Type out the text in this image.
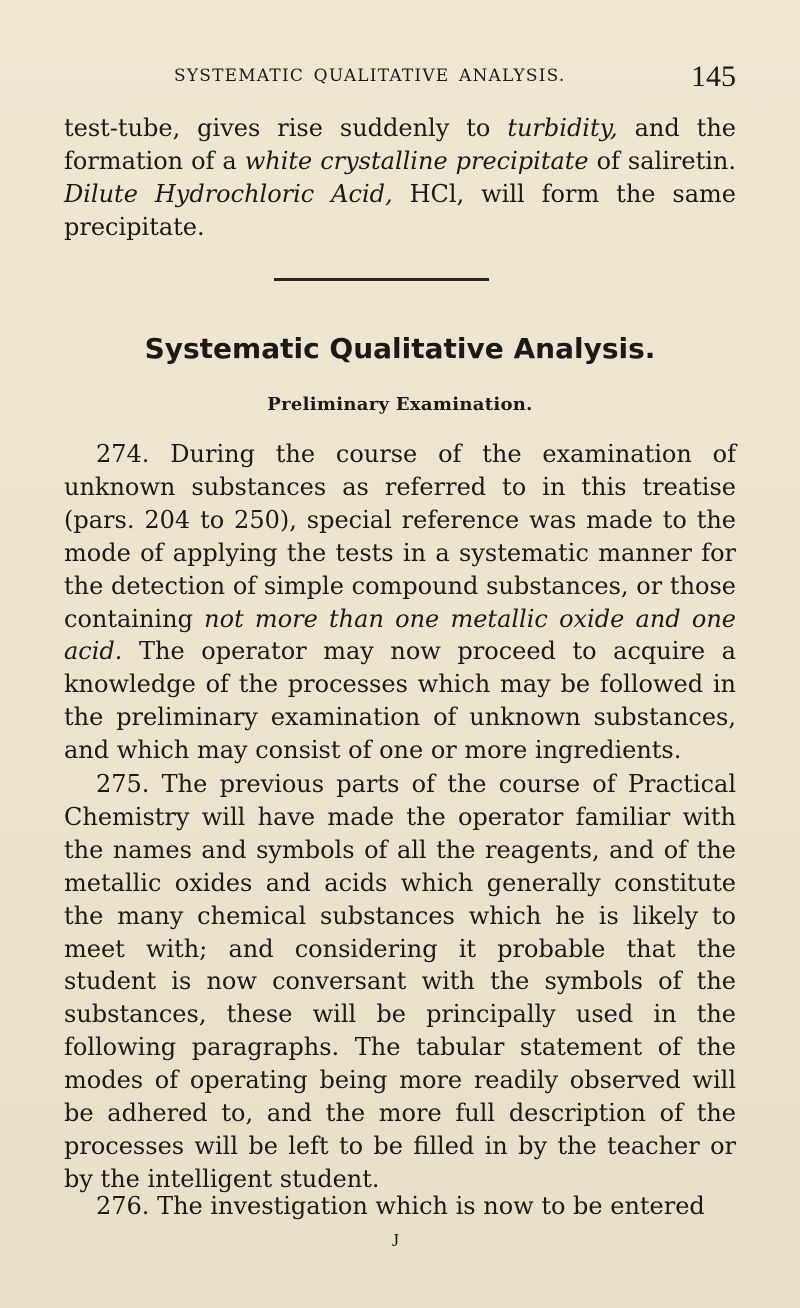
SYSTEMATIC QUALITATIVE ANALYSIS.	145

test-tube, gives rise suddenly to turbidity, and the formation of a white crystalline precipitate of saliretin. Dilute Hydrochloric Acid, HCl, will form the same precipitate.

Systematic Qualitative Analysis.
Preliminary Examination.

274. During the course of the examination of unknown substances as referred to in this treatise (pars. 204 to 250), special reference was made to the mode of applying the tests in a systematic manner for the detection of simple compound substances, or those containing not more than one metallic oxide and one acid. The operator may now proceed to acquire a knowledge of the processes which may be followed in the preliminary examination of unknown substances, and which may consist of one or more ingredients.

275. The previous parts of the course of Practical Chemistry will have made the operator familiar with the names and symbols of all the reagents, and of the metallic oxides and acids which generally constitute the many chemical substances which he is likely to meet with; and considering it probable that the student is now conversant with the symbols of the substances, these will be principally used in the following paragraphs. The tabular statement of the modes of operating being more readily observed will be adhered to, and the more full description of the processes will be left to be filled in by the teacher or by the intelligent student.

276. The investigation which is now to be entered

J
